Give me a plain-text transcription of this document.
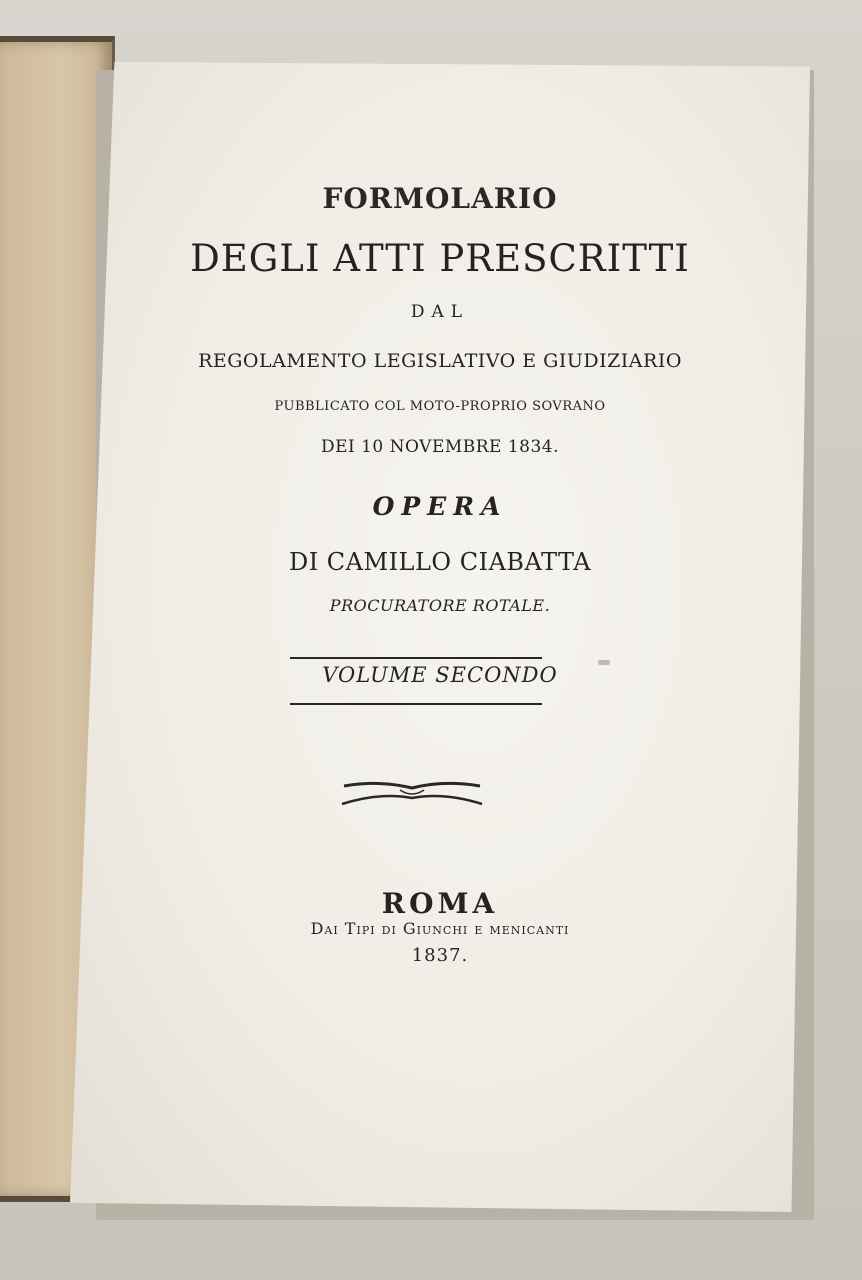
FORMOLARIO
DEGLI ATTI PRESCRITTI
DAL
REGOLAMENTO LEGISLATIVO E GIUDIZIARIO
PUBBLICATO COL MOTO-PROPRIO SOVRANO
DEI 10 NOVEMBRE 1834.
OPERA
DI CAMILLO CIABATTA
PROCURATORE ROTALE.
VOLUME SECONDO
ROMA
Dai Tipi di Giunchi e menicanti
1837.
